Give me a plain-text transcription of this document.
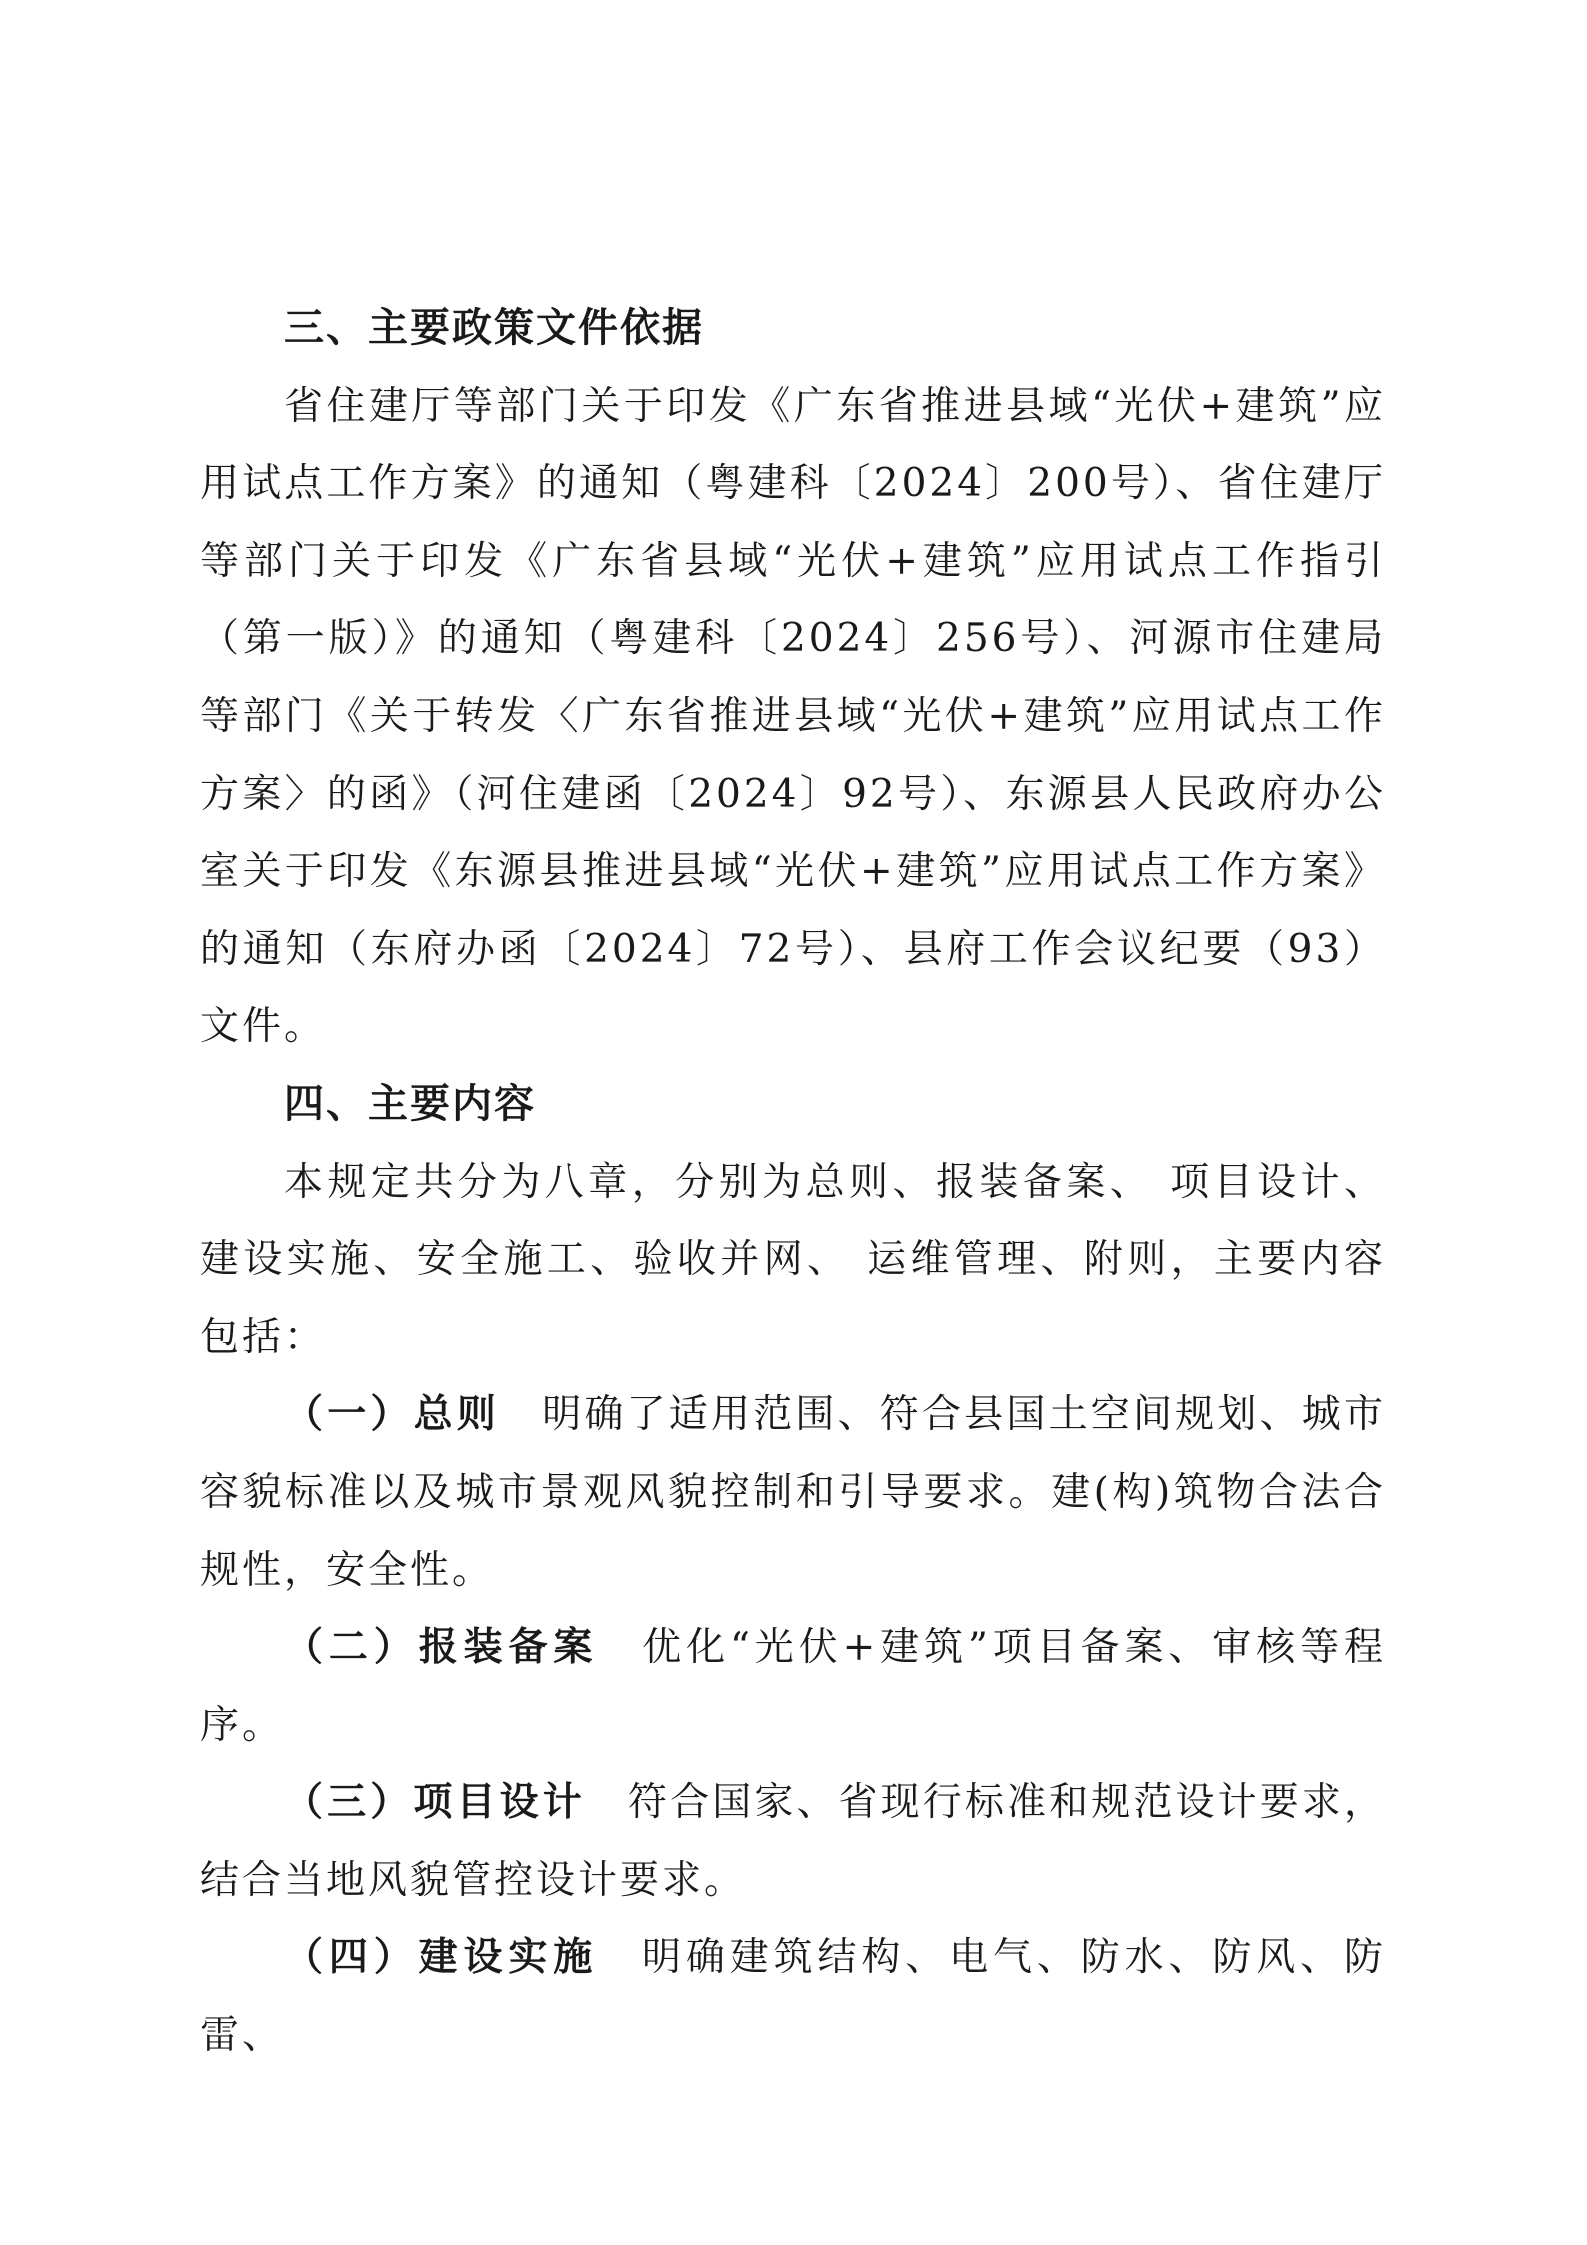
三、主要政策文件依据

省住建厅等部门关于印发《广东省推进县域“光伏+建筑”应用试点工作方案》的通知（粤建科〔2024〕200号）、省住建厅等部门关于印发《广东省县域“光伏+建筑”应用试点工作指引（第一版）》的通知（粤建科〔2024〕256号）、河源市住建局等部门《关于转发〈广东省推进县域“光伏+建筑”应用试点工作方案〉的函》（河住建函〔2024〕92号）、东源县人民政府办公室关于印发《东源县推进县域“光伏+建筑”应用试点工作方案》的通知（东府办函〔2024〕72号）、县府工作会议纪要（93）文件。

四、主要内容

本规定共分为八章，分别为总则、报装备案、 项目设计、建设实施、安全施工、验收并网、 运维管理、附则，主要内容包括：

（一）总则　明确了适用范围、符合县国土空间规划、城市容貌标准以及城市景观风貌控制和引导要求。建(构)筑物合法合规性，安全性。

（二）报装备案　优化“光伏+建筑”项目备案、审核等程序。

（三）项目设计　符合国家、省现行标准和规范设计要求，结合当地风貌管控设计要求。

（四）建设实施　明确建筑结构、电气、防水、防风、防雷、
